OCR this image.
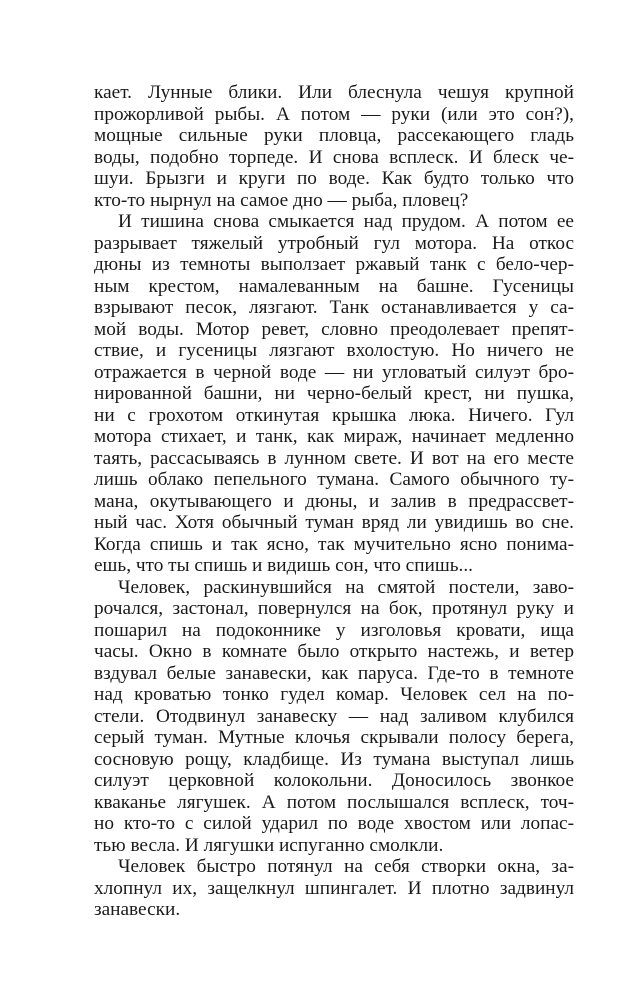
кает. Лунные блики. Или блеснула чешуя крупной
прожорливой рыбы. А потом — руки (или это сон?),
мощные сильные руки пловца, рассекающего гладь
воды, подобно торпеде. И снова всплеск. И блеск че-
шуи. Брызги и круги по воде. Как будто только что
кто-то нырнул на самое дно — рыба, пловец?
И тишина снова смыкается над прудом. А потом ее
разрывает тяжелый утробный гул мотора. На откос
дюны из темноты выползает ржавый танк с бело-чер-
ным крестом, намалеванным на башне. Гусеницы
взрывают песок, лязгают. Танк останавливается у са-
мой воды. Мотор ревет, словно преодолевает препят-
ствие, и гусеницы лязгают вхолостую. Но ничего не
отражается в черной воде — ни угловатый силуэт бро-
нированной башни, ни черно-белый крест, ни пушка,
ни с грохотом откинутая крышка люка. Ничего. Гул
мотора стихает, и танк, как мираж, начинает медленно
таять, рассасываясь в лунном свете. И вот на его месте
лишь облако пепельного тумана. Самого обычного ту-
мана, окутывающего и дюны, и залив в предрассвет-
ный час. Хотя обычный туман вряд ли увидишь во сне.
Когда спишь и так ясно, так мучительно ясно понима-
ешь, что ты спишь и видишь сон, что спишь...
Человек, раскинувшийся на смятой постели, заво-
рочался, застонал, повернулся на бок, протянул руку и
пошарил на подоконнике у изголовья кровати, ища
часы. Окно в комнате было открыто настежь, и ветер
вздувал белые занавески, как паруса. Где-то в темноте
над кроватью тонко гудел комар. Человек сел на по-
стели. Отодвинул занавеску — над заливом клубился
серый туман. Мутные клочья скрывали полосу берега,
сосновую рощу, кладбище. Из тумана выступал лишь
силуэт церковной колокольни. Доносилось звонкое
кваканье лягушек. А потом послышался всплеск, точ-
но кто-то с силой ударил по воде хвостом или лопас-
тью весла. И лягушки испуганно смолкли.
Человек быстро потянул на себя створки окна, за-
хлопнул их, защелкнул шпингалет. И плотно задвинул
занавески.
